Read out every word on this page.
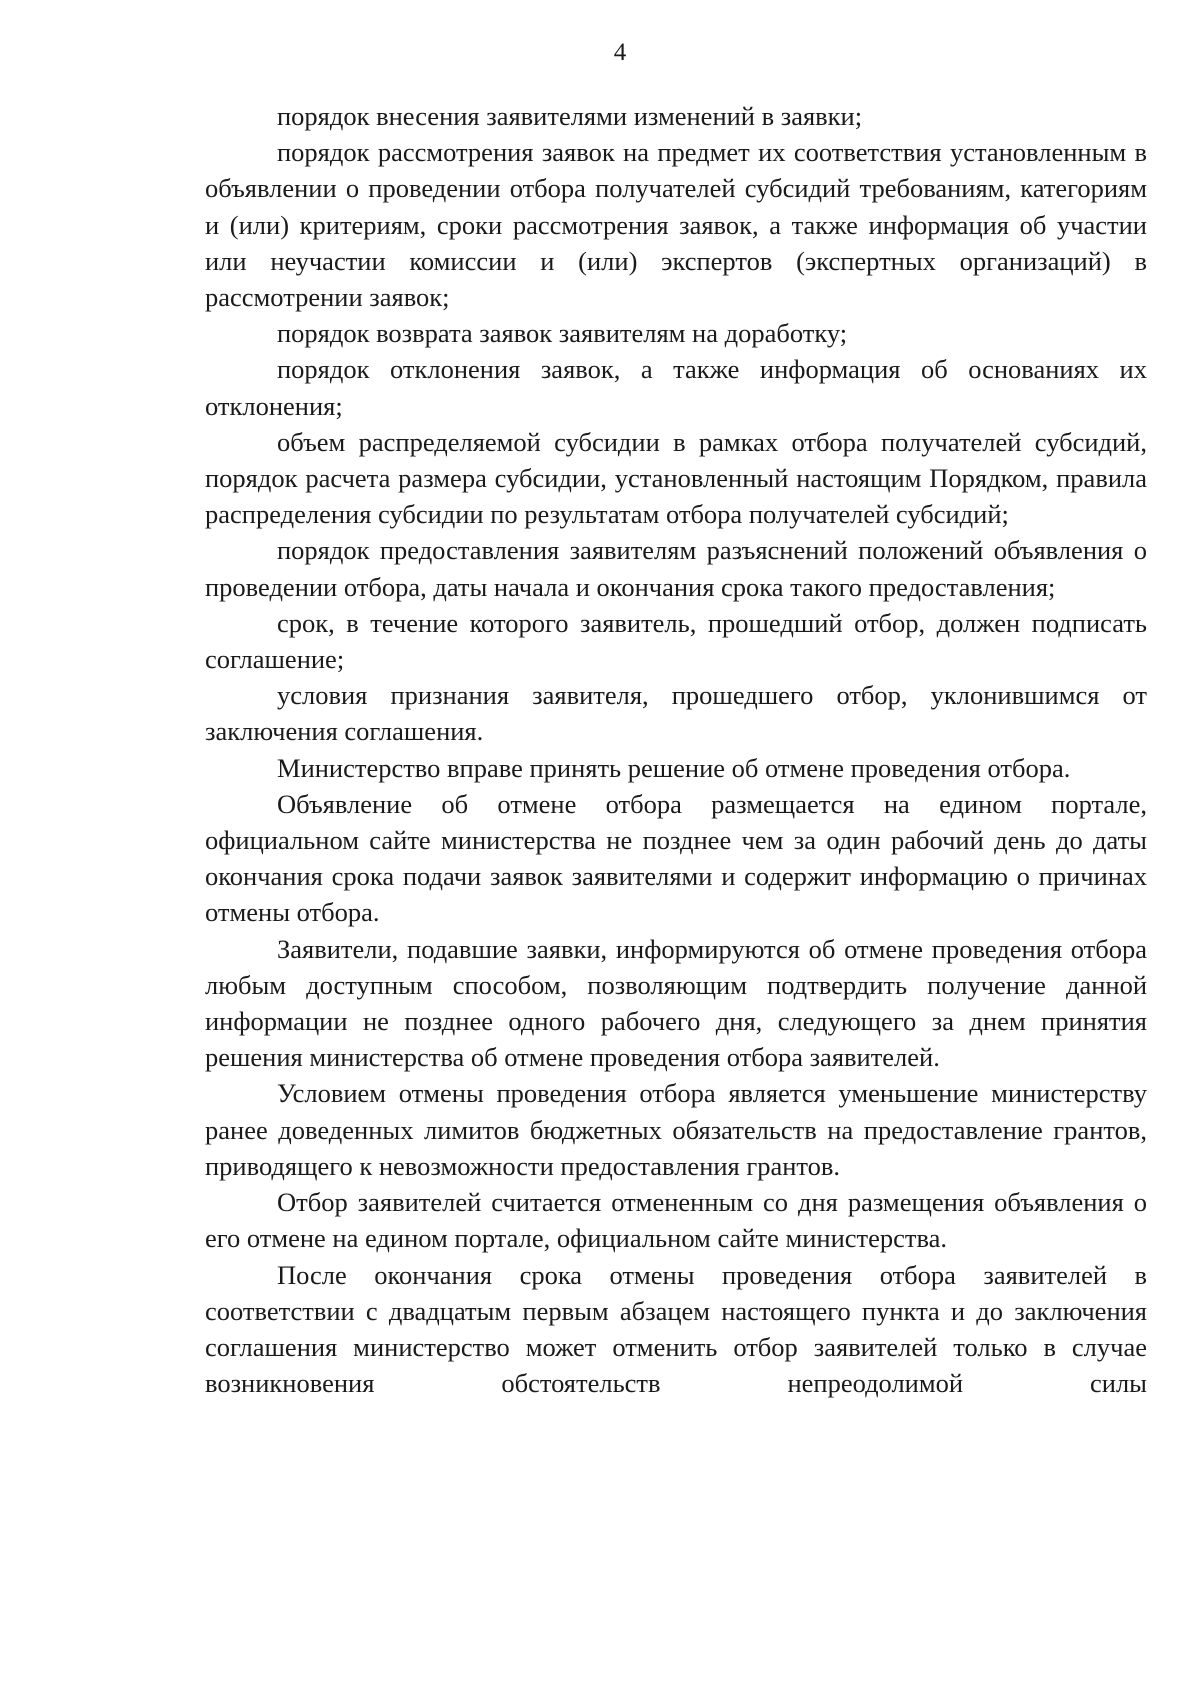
4

порядок внесения заявителями изменений в заявки;

порядок рассмотрения заявок на предмет их соответствия установленным в объявлении о проведении отбора получателей субсидий требованиям, категориям и (или) критериям, сроки рассмотрения заявок, а также информация об участии или неучастии комиссии и (или) экспертов (экспертных организаций) в рассмотрении заявок;

порядок возврата заявок заявителям на доработку;

порядок отклонения заявок, а также информация об основаниях их отклонения;

объем распределяемой субсидии в рамках отбора получателей субсидий, порядок расчета размера субсидии, установленный настоящим Порядком, правила распределения субсидии по результатам отбора получателей субсидий;

порядок предоставления заявителям разъяснений положений объявления о проведении отбора, даты начала и окончания срока такого предоставления;

срок, в течение которого заявитель, прошедший отбор, должен подписать соглашение;

условия признания заявителя, прошедшего отбор, уклонившимся от заключения соглашения.

Министерство вправе принять решение об отмене проведения отбора.

Объявление об отмене отбора размещается на едином портале, официальном сайте министерства не позднее чем за один рабочий день до даты окончания срока подачи заявок заявителями и содержит информацию о причинах отмены отбора.

Заявители, подавшие заявки, информируются об отмене проведения отбора любым доступным способом, позволяющим подтвердить получение данной информации не позднее одного рабочего дня, следующего за днем принятия решения министерства об отмене проведения отбора заявителей.

Условием отмены проведения отбора является уменьшение министерству ранее доведенных лимитов бюджетных обязательств на предоставление грантов, приводящего к невозможности предоставления грантов.

Отбор заявителей считается отмененным со дня размещения объявления о его отмене на едином портале, официальном сайте министерства.

После окончания срока отмены проведения отбора заявителей в соответствии с двадцатым первым абзацем настоящего пункта и до заключения соглашения министерство может отменить отбор заявителей только в случае возникновения обстоятельств непреодолимой силы
